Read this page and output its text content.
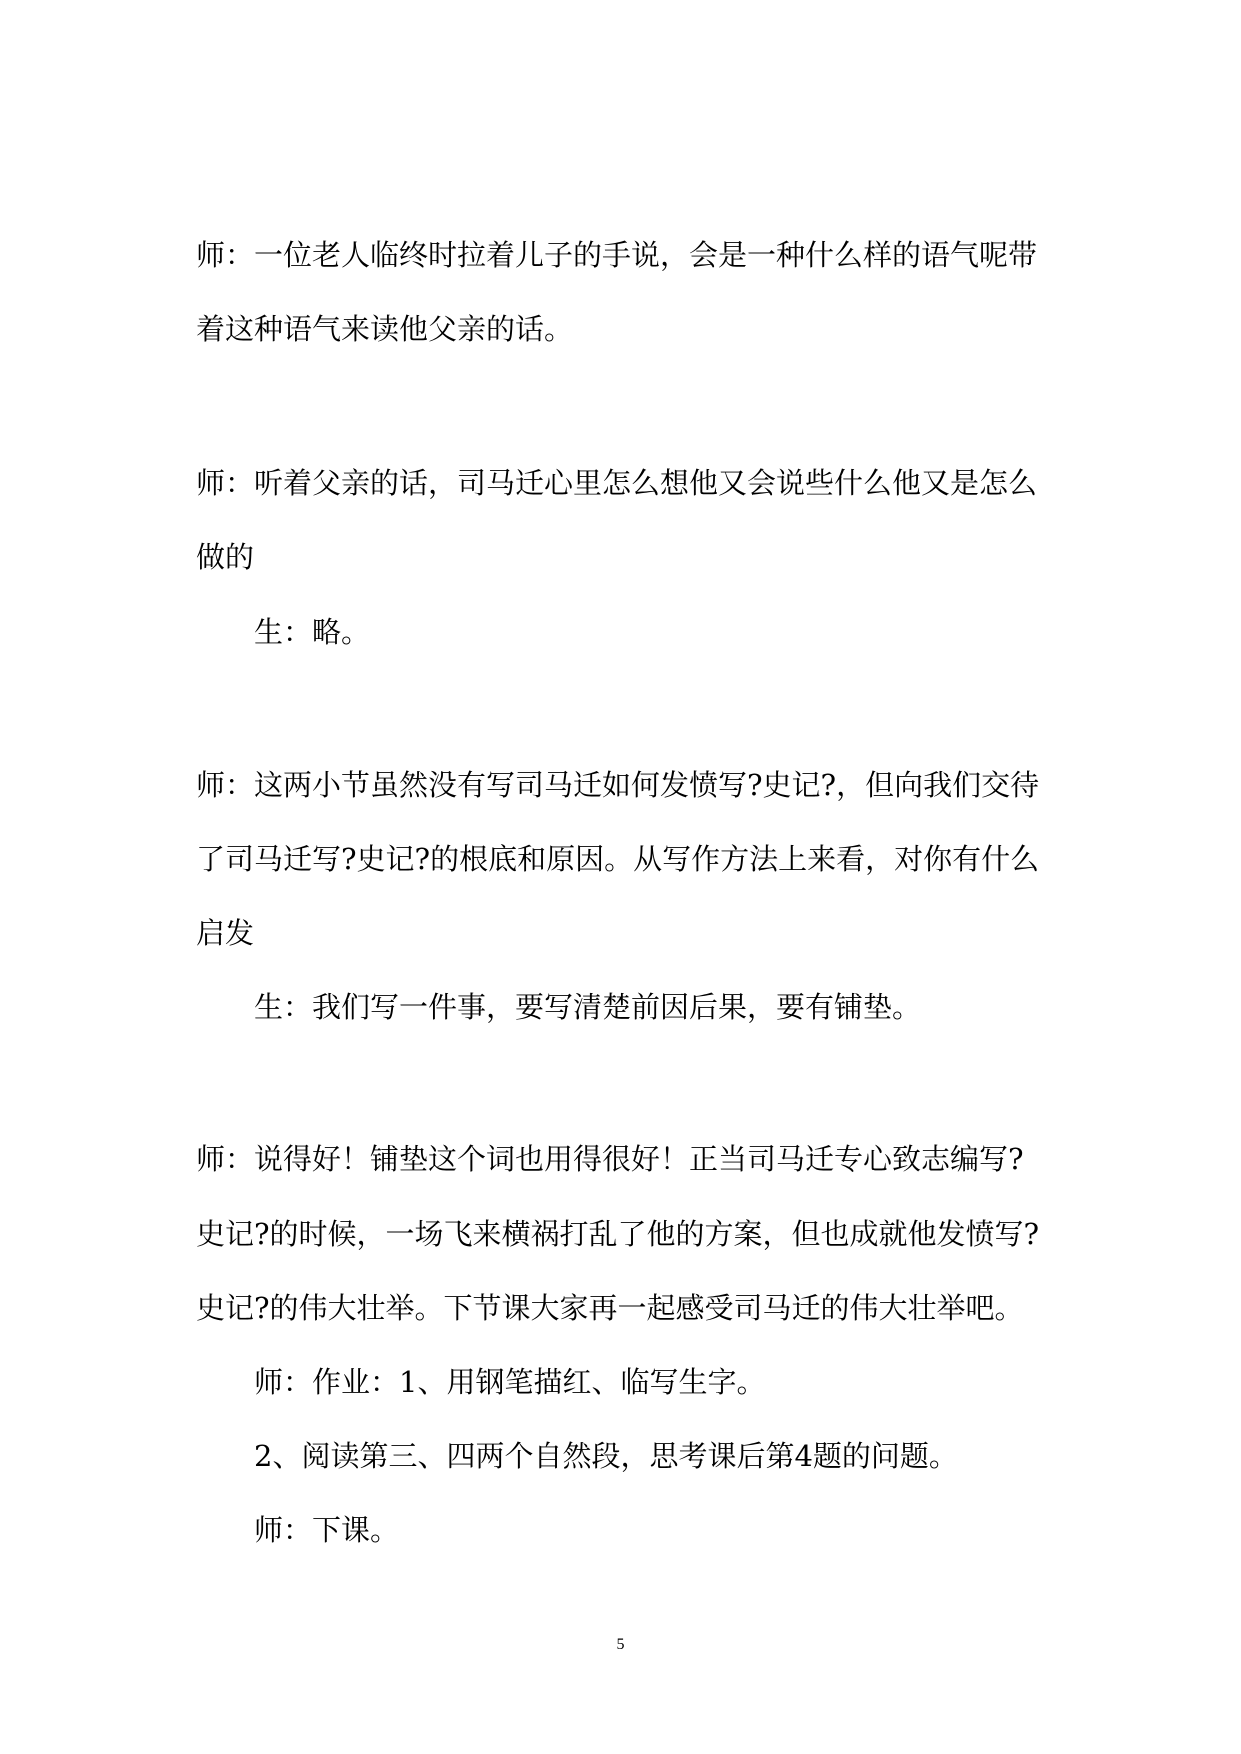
师：一位老人临终时拉着儿子的手说，会是一种什么样的语气呢带
着这种语气来读他父亲的话。
师：听着父亲的话，司马迁心里怎么想他又会说些什么他又是怎么
做的
生：略。
师：这两小节虽然没有写司马迁如何发愤写?史记?，但向我们交待
了司马迁写?史记?的根底和原因。从写作方法上来看，对你有什么
启发
生：我们写一件事，要写清楚前因后果，要有铺垫。
师：说得好！铺垫这个词也用得很好！正当司马迁专心致志编写?
史记?的时候，一场飞来横祸打乱了他的方案，但也成就他发愤写?
史记?的伟大壮举。下节课大家再一起感受司马迁的伟大壮举吧。
师：作业：1、用钢笔描红、临写生字。
2、阅读第三、四两个自然段，思考课后第4题的问题。
师：下课。
5
